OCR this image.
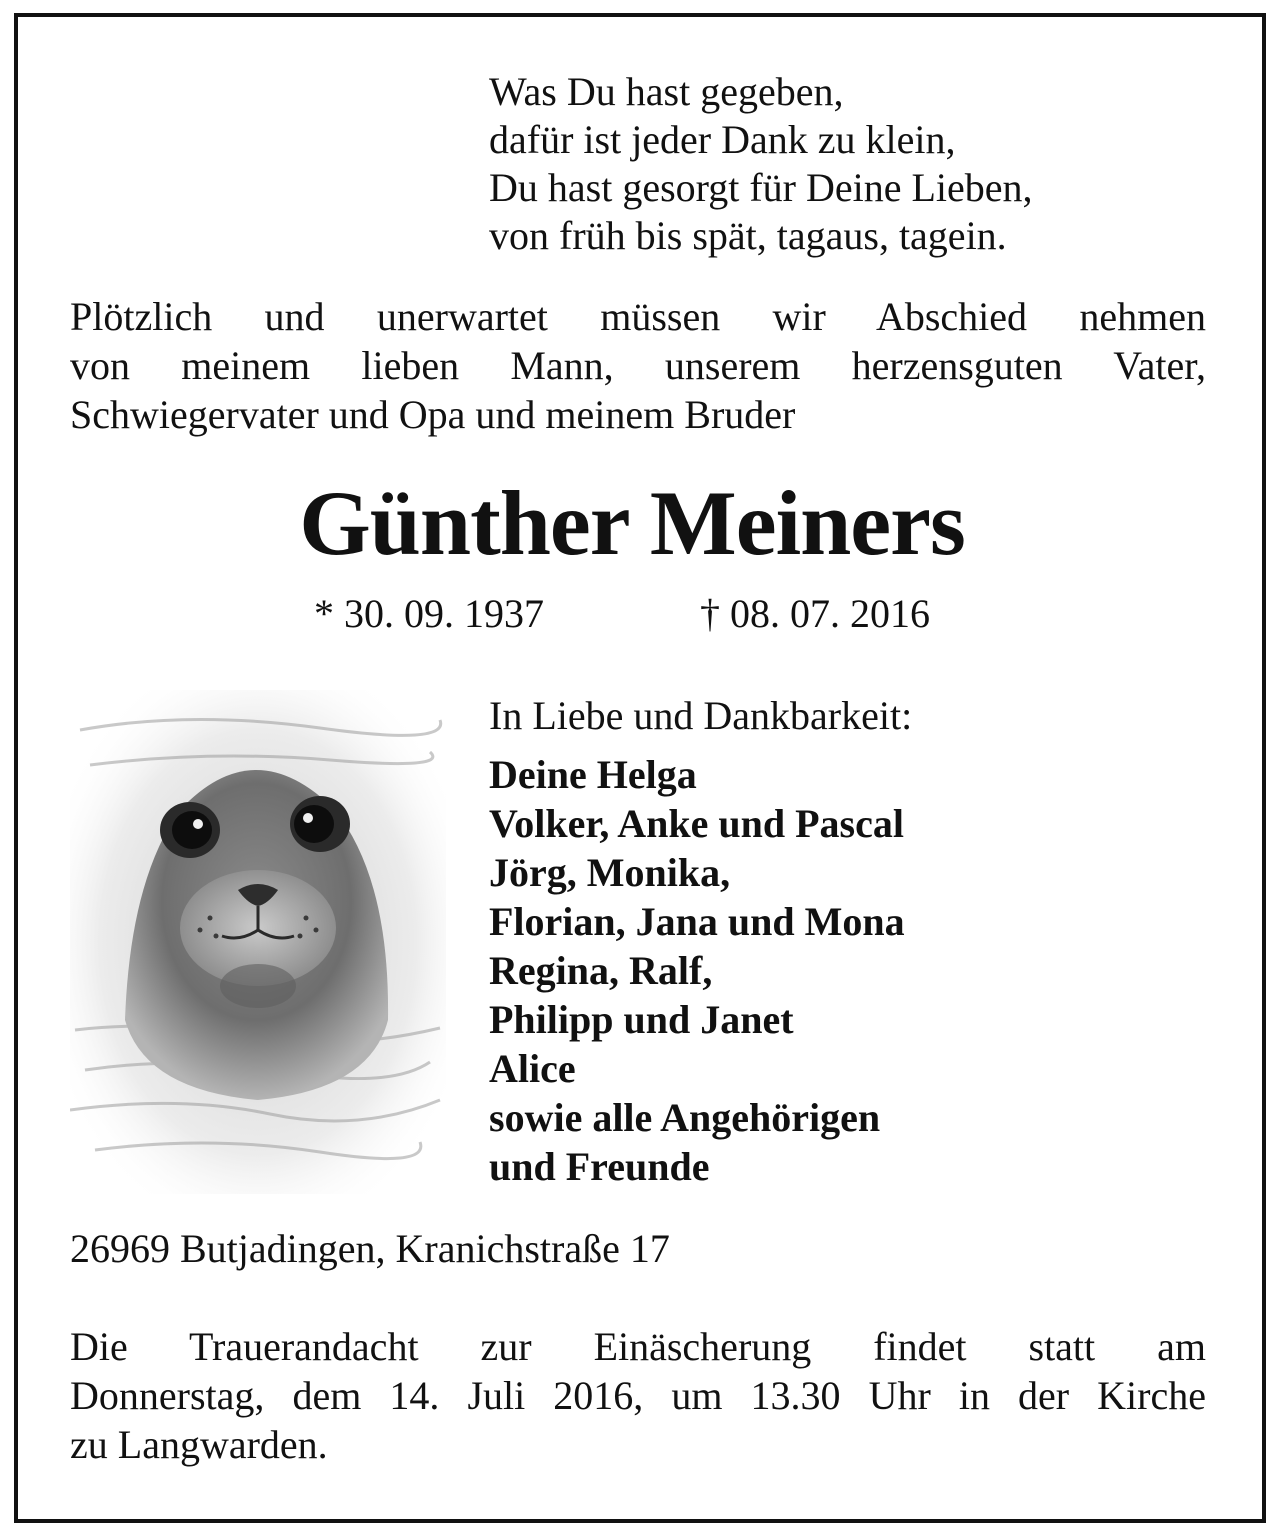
Was Du hast gegeben,
dafür ist jeder Dank zu klein,
Du hast gesorgt für Deine Lieben,
von früh bis spät, tagaus, tagein.
Plötzlich und unerwartet müssen wir Abschied nehmen
von meinem lieben Mann, unserem herzensguten Vater,
Schwiegervater und Opa und meinem Bruder
Günther Meiners
* 30. 09. 1937	† 08. 07. 2016
In Liebe und Dankbarkeit:
Deine Helga
Volker, Anke und Pascal
Jörg, Monika,
Florian, Jana und Mona
Regina, Ralf,
Philipp und Janet
Alice
sowie alle Angehörigen
und Freunde
26969 Butjadingen, Kranichstraße 17
Die Trauerandacht zur Einäscherung findet statt am
Donnerstag, dem 14. Juli 2016, um 13.30 Uhr in der Kirche
zu Langwarden.
